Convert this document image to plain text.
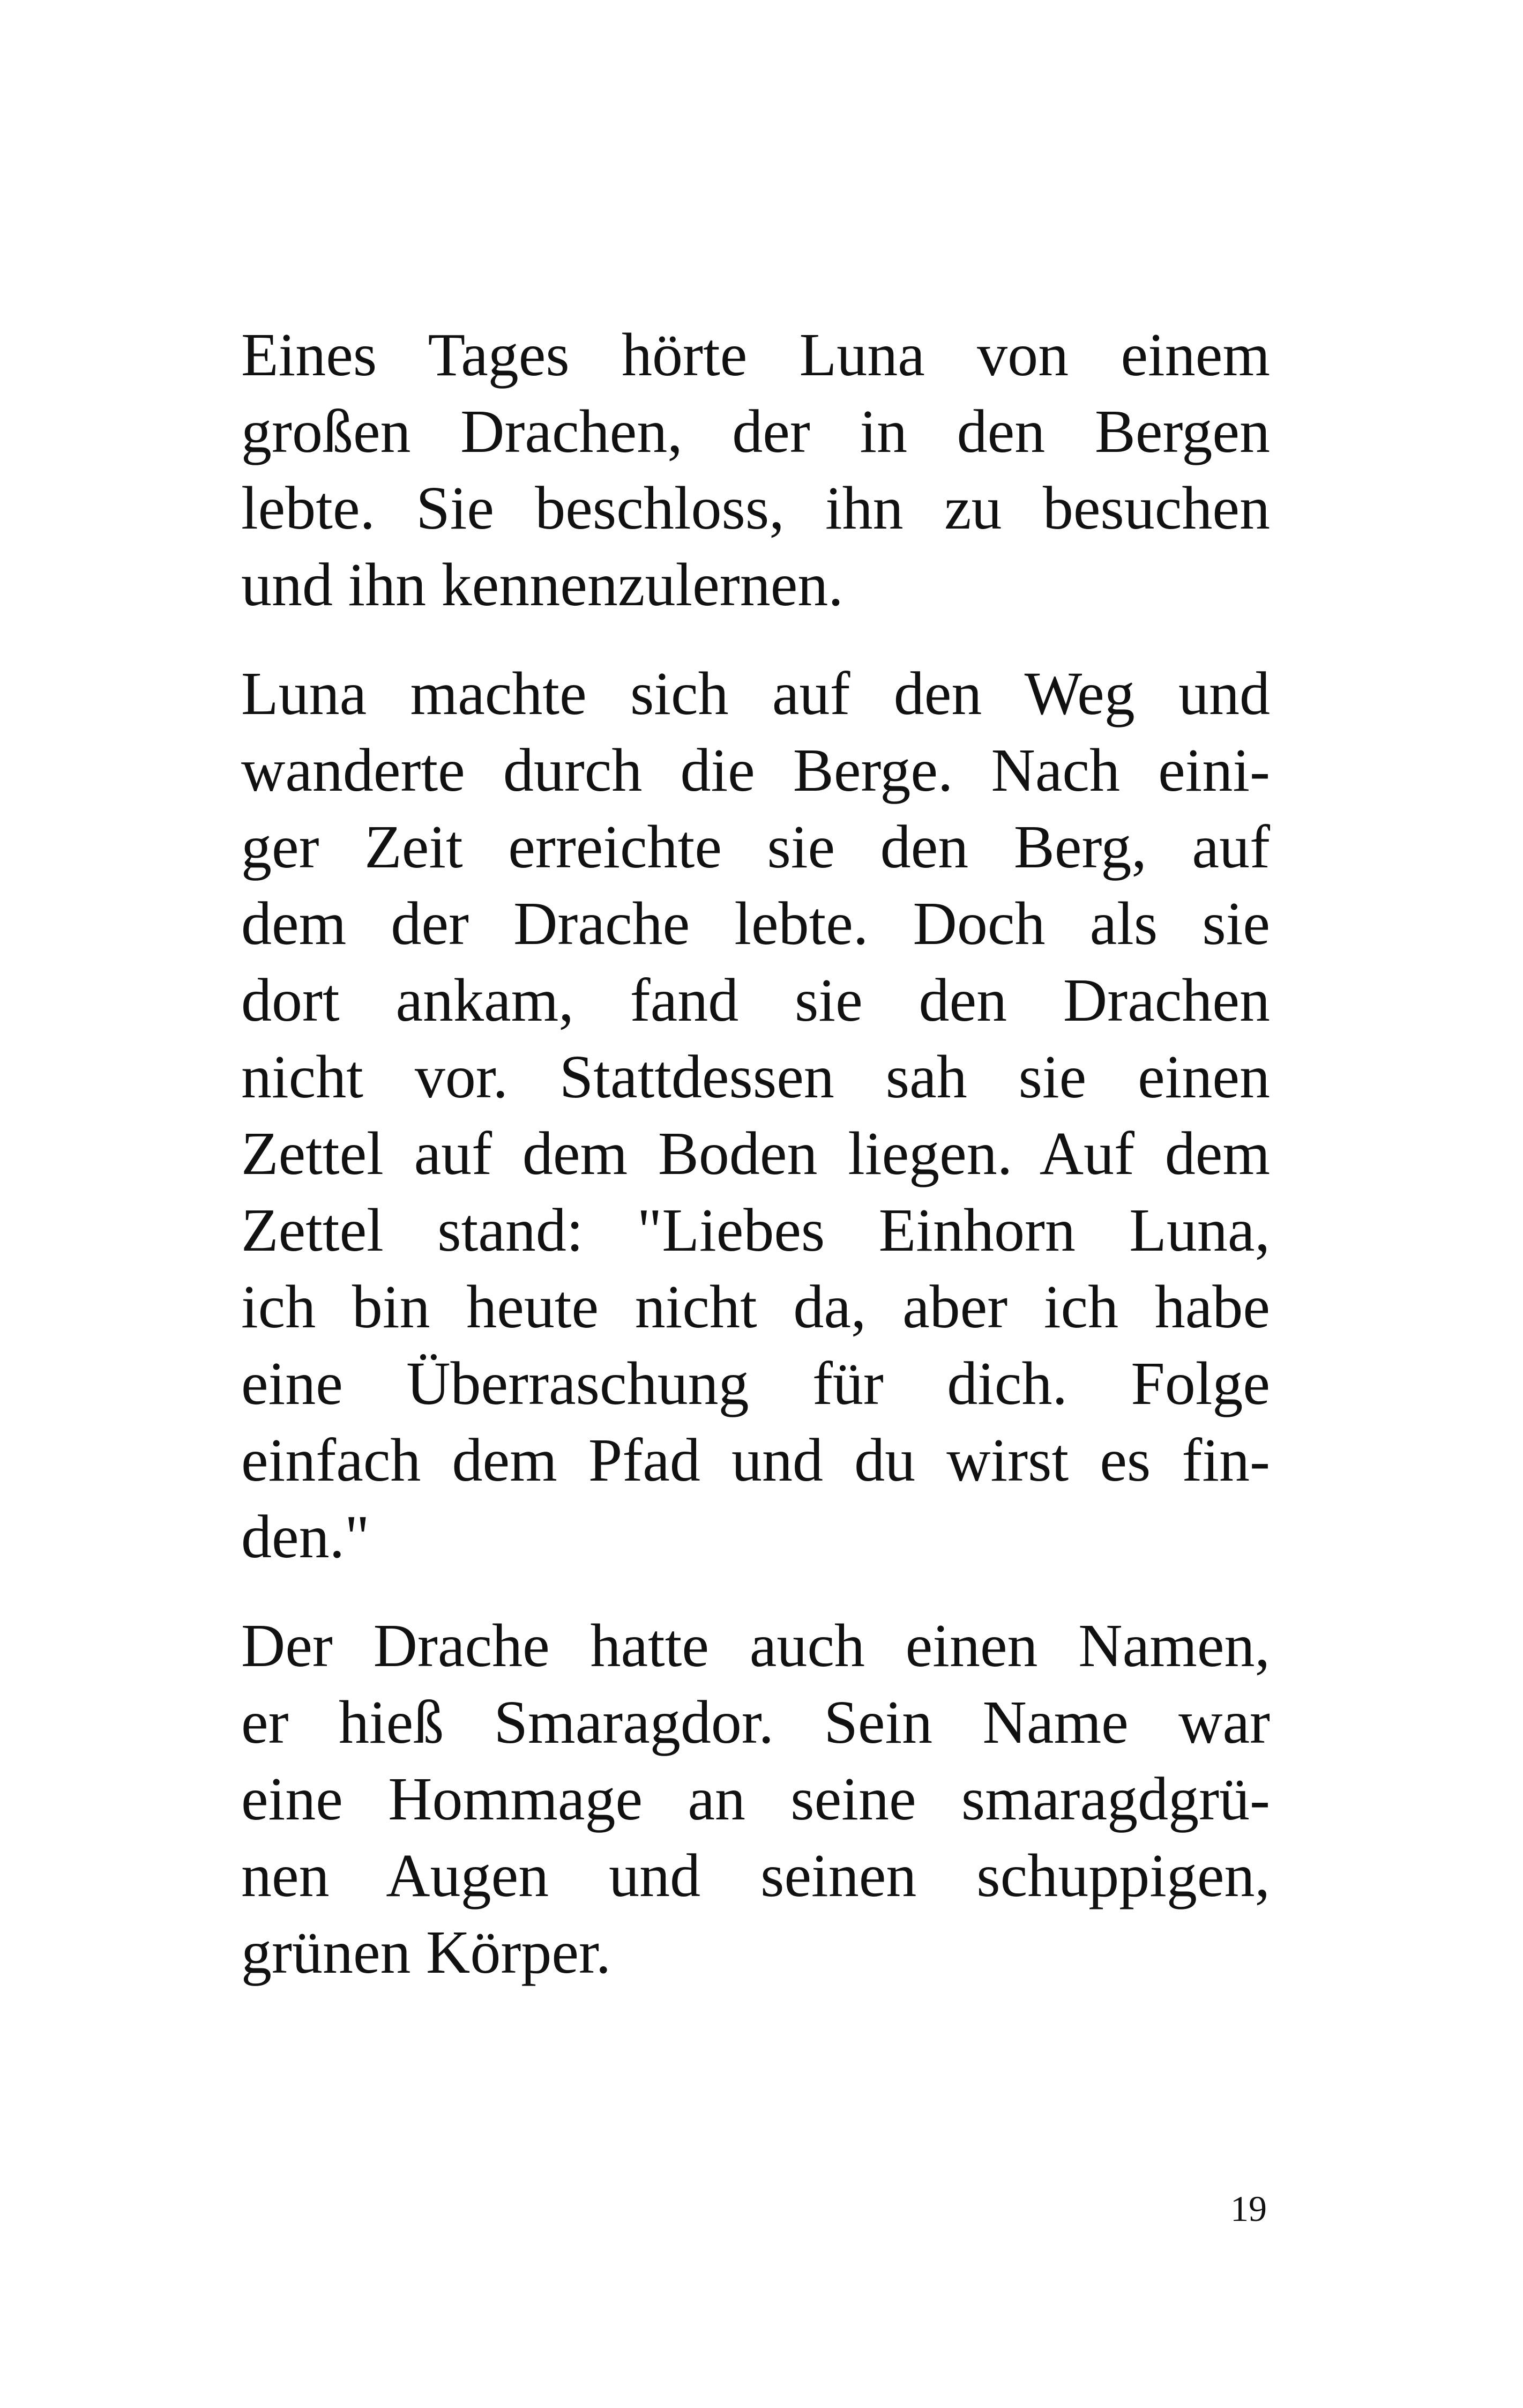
Eines Tages hörte Luna von einem
großen Drachen, der in den Bergen
lebte. Sie beschloss, ihn zu besuchen
und ihn kennenzulernen.
Luna machte sich auf den Weg und
wanderte durch die Berge. Nach eini-
ger Zeit erreichte sie den Berg, auf
dem der Drache lebte. Doch als sie
dort ankam, fand sie den Drachen
nicht vor. Stattdessen sah sie einen
Zettel auf dem Boden liegen. Auf dem
Zettel stand: "Liebes Einhorn Luna,
ich bin heute nicht da, aber ich habe
eine Überraschung für dich. Folge
einfach dem Pfad und du wirst es fin-
den."
Der Drache hatte auch einen Namen,
er hieß Smaragdor. Sein Name war
eine Hommage an seine smaragdgrü-
nen Augen und seinen schuppigen,
grünen Körper.
19
